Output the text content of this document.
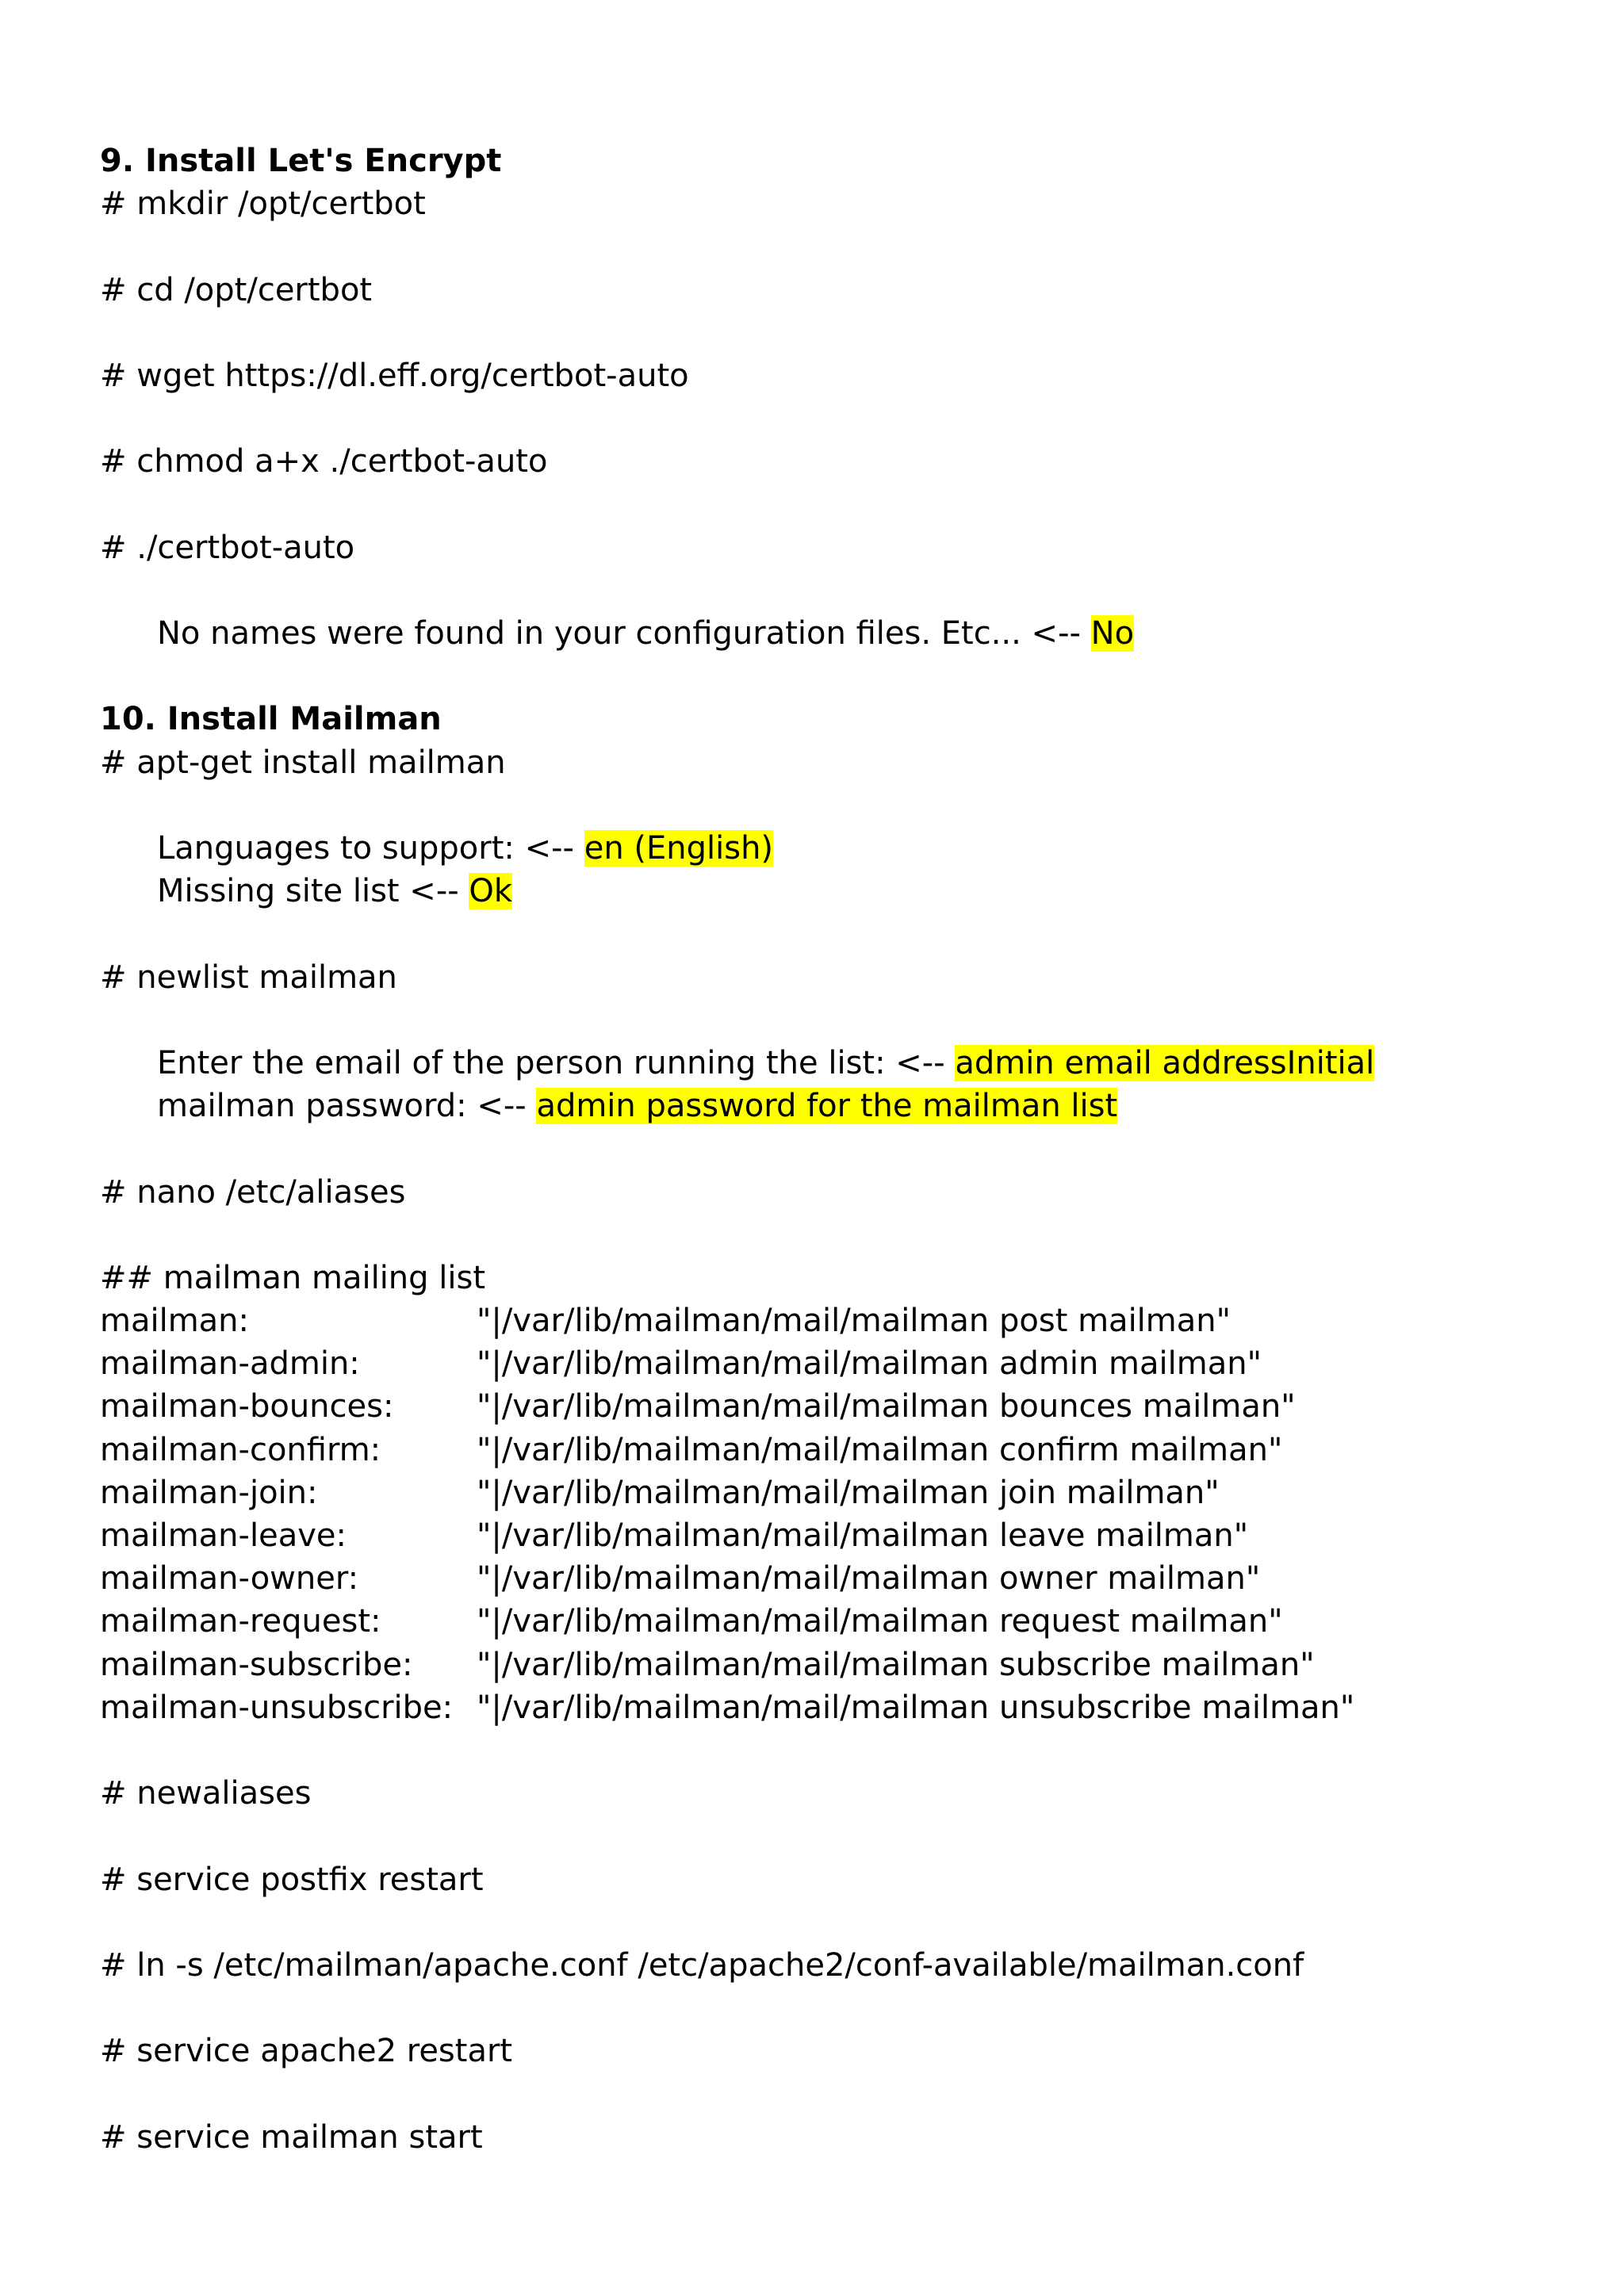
9. Install Let's Encrypt
# mkdir /opt/certbot
# cd /opt/certbot
# wget https://dl.eff.org/certbot-auto
# chmod a+x ./certbot-auto
# ./certbot-auto
No names were found in your configuration files. Etc... <-- No
10. Install Mailman
# apt-get install mailman
Languages to support: <-- en (English)
Missing site list <-- Ok
# newlist mailman
Enter the email of the person running the list: <-- admin email addressInitial
mailman password: <-- admin password for the mailman list
# nano /etc/aliases
## mailman mailing list
mailman:	"|/var/lib/mailman/mail/mailman post mailman"
mailman-admin:	"|/var/lib/mailman/mail/mailman admin mailman"
mailman-bounces:	"|/var/lib/mailman/mail/mailman bounces mailman"
mailman-confirm:	"|/var/lib/mailman/mail/mailman confirm mailman"
mailman-join:	"|/var/lib/mailman/mail/mailman join mailman"
mailman-leave:	"|/var/lib/mailman/mail/mailman leave mailman"
mailman-owner:	"|/var/lib/mailman/mail/mailman owner mailman"
mailman-request:	"|/var/lib/mailman/mail/mailman request mailman"
mailman-subscribe: "|/var/lib/mailman/mail/mailman subscribe mailman"
mailman-unsubscribe: "|/var/lib/mailman/mail/mailman unsubscribe mailman"
# newaliases
# service postfix restart
# ln -s /etc/mailman/apache.conf /etc/apache2/conf-available/mailman.conf
# service apache2 restart
# service mailman start
